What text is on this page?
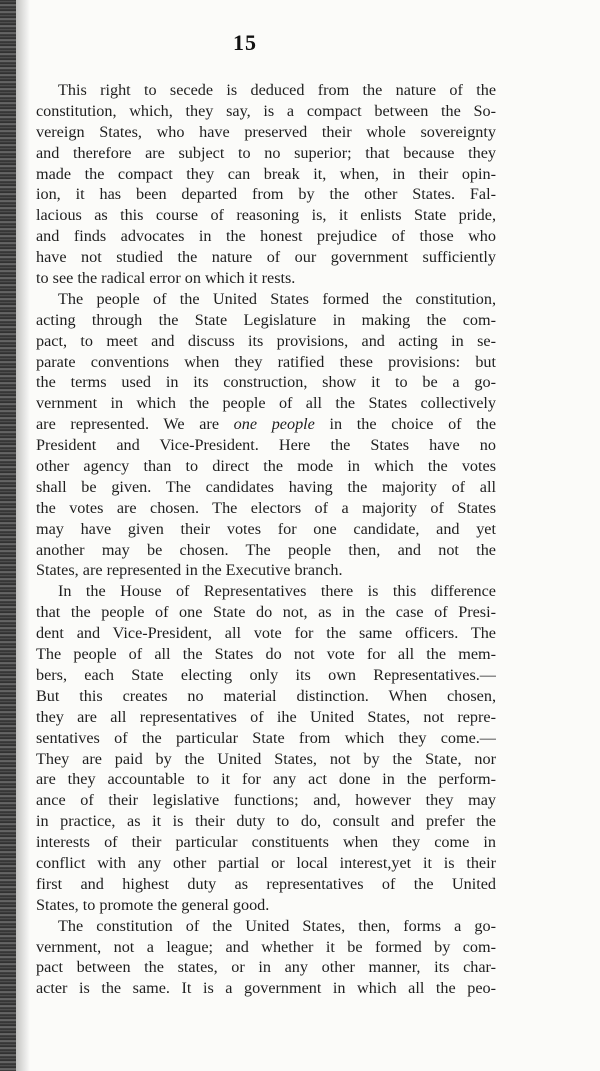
15
This right to secede is deduced from the nature of the
constitution, which, they say, is a compact between the So-
vereign States, who have preserved their whole sovereignty
and therefore are subject to no superior; that because they
made the compact they can break it, when, in their opin-
ion, it has been departed from by the other States. Fal-
lacious as this course of reasoning is, it enlists State pride,
and finds advocates in the honest prejudice of those who
have not studied the nature of our government sufficiently
to see the radical error on which it rests.
The people of the United States formed the constitution,
acting through the State Legislature in making the com-
pact, to meet and discuss its provisions, and acting in se-
parate conventions when they ratified these provisions: but
the terms used in its construction, show it to be a go-
vernment in which the people of all the States collectively
are represented. We are one people in the choice of the
President and Vice-President. Here the States have no
other agency than to direct the mode in which the votes
shall be given. The candidates having the majority of all
the votes are chosen. The electors of a majority of States
may have given their votes for one candidate, and yet
another may be chosen. The people then, and not the
States, are represented in the Executive branch.
In the House of Representatives there is this difference
that the people of one State do not, as in the case of Presi-
dent and Vice-President, all vote for the same officers. The
The people of all the States do not vote for all the mem-
bers, each State electing only its own Representatives.—
But this creates no material distinction. When chosen,
they are all representatives of ihe United States, not repre-
sentatives of the particular State from which they come.—
They are paid by the United States, not by the State, nor
are they accountable to it for any act done in the perform-
ance of their legislative functions; and, however they may
in practice, as it is their duty to do, consult and prefer the
interests of their particular constituents when they come in
conflict with any other partial or local interest,yet it is their
first and highest duty as representatives of the United
States, to promote the general good.
The constitution of the United States, then, forms a go-
vernment, not a league; and whether it be formed by com-
pact between the states, or in any other manner, its char-
acter is the same. It is a government in which all the peo-
